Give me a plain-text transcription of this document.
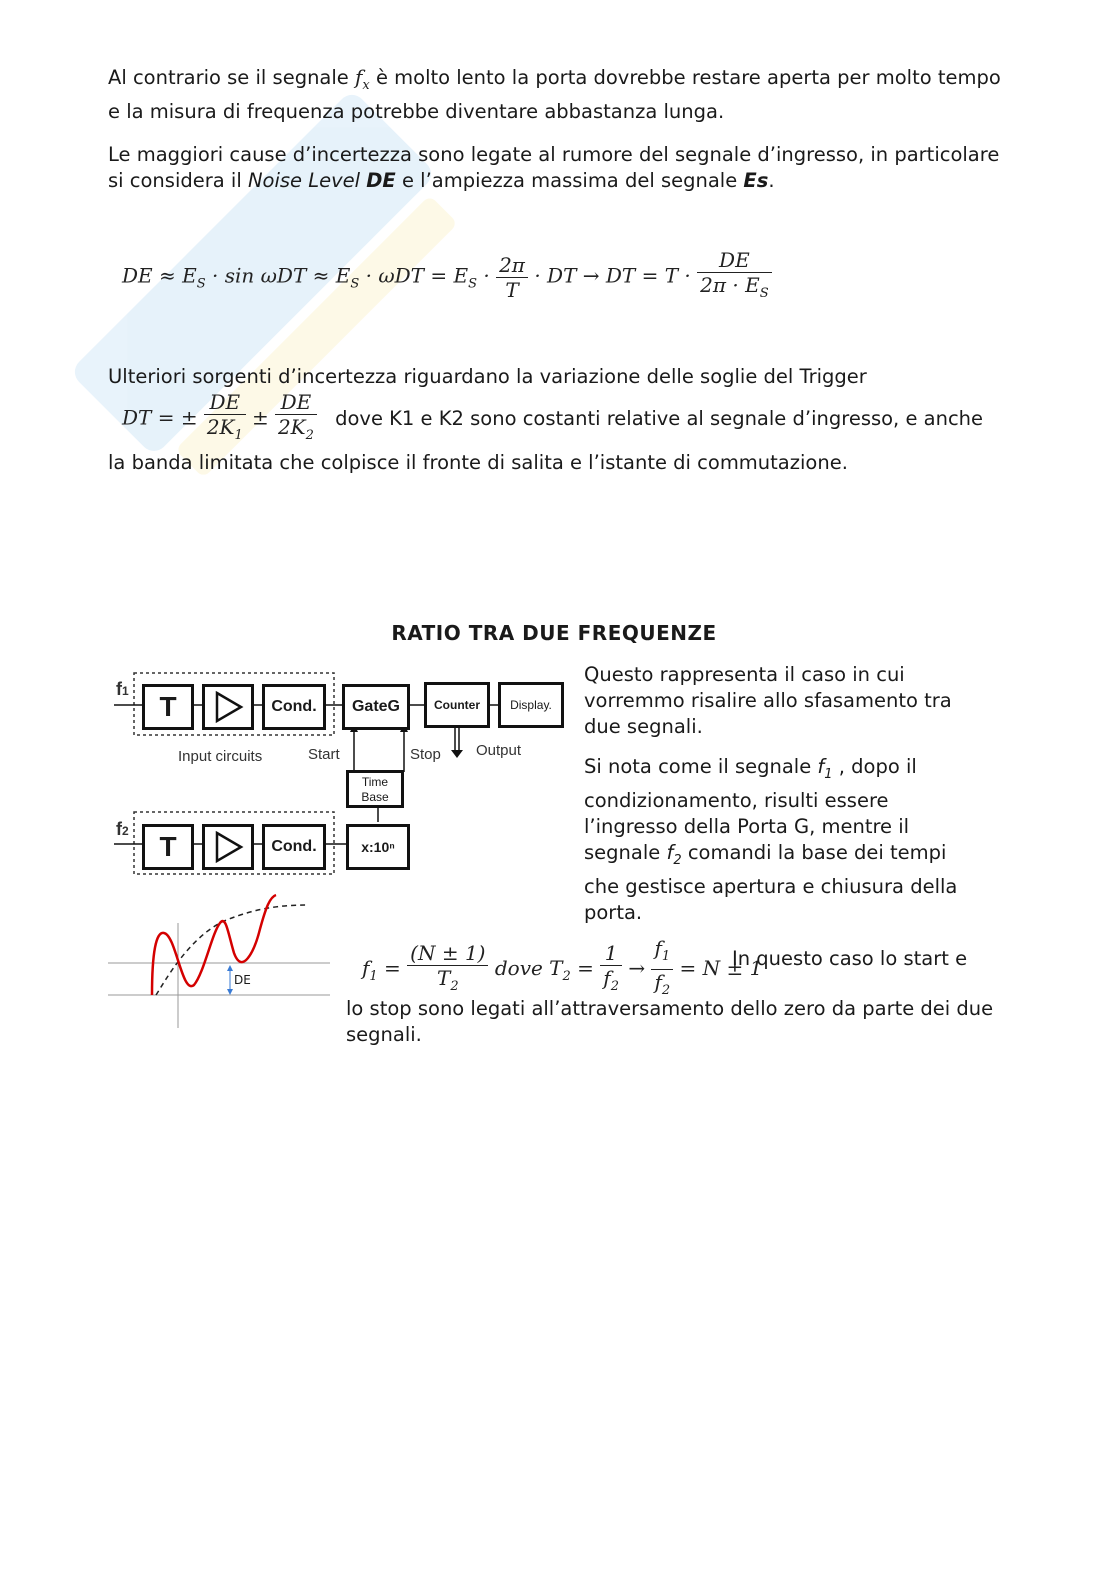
Al contrario se il segnale $f_x$ è molto lento la porta dovrebbe restare aperta per molto tempo e la misura di frequenza potrebbe diventare abbastanza lunga.

Le maggiori cause d’incertezza sono legate al rumore del segnale d’ingresso, in particolare si considera il Noise Level DE e l’ampiezza massima del segnale Es.

DE ≈ $E_S \cdot \sin \omega DT \approx E_S \cdot \omega DT = E_S \cdot \frac{2\pi}{T}$ · DT → DT = $T \cdot \frac{DE}{2\pi \cdot E_S}$

Ulteriori sorgenti d’incertezza riguardano la variazione delle soglie del Trigger

DT = ± $\frac{DE}{2K_1} \pm \frac{DE}{2K_2}$ dove K1 e K2 sono costanti relative al segnale d’ingresso, e anche

la banda limitata che colpisce il fronte di salita e l’istante di commutazione.

RATIO TRA DUE FREQUENZE
f1
f2
T	Cond.	GateG	Counter	Display.
Input circuits	Start	Stop Output
Time
Base
T	Cond.	x:10ⁿ
DE

Questo rappresenta il caso in cui vorremmo risalire allo sfasamento tra due segnali.

Si nota come il segnale $f_1$ , dopo il condizionamento, risulti essere l’ingresso della Porta G, mentre il segnale $f_2$ comandi la base dei tempi che gestisce apertura e chiusura della porta.

$f_1 = \frac{(N \pm 1)}{T_2}$ dove $T_2 = \frac{1}{f_2} \to \frac{f_1}{f_2} = N \pm 1$
In questo caso lo start e
lo stop sono legati all’attraversamento dello zero da parte dei due segnali.
